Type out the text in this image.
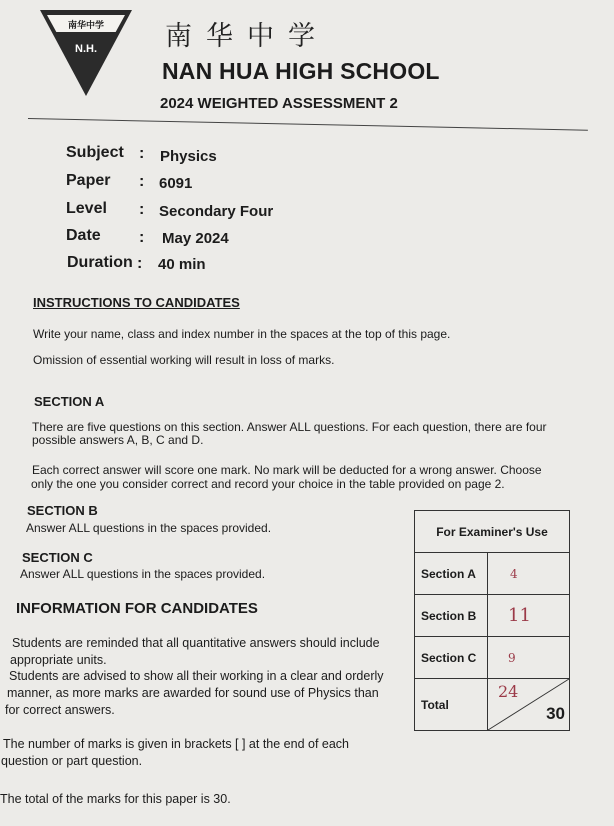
南华中学
N.H.	南华中学
NAN HUA HIGH SCHOOL
2024 WEIGHTED ASSESSMENT 2
Subject : Physics
Paper : 6091
Level : Secondary Four
Date : May 2024
Duration : 40 min
INSTRUCTIONS TO CANDIDATES
Write your name, class and index number in the spaces at the top of this page.
Omission of essential working will result in loss of marks.
SECTION A
There are five questions on this section. Answer ALL questions. For each question, there are four
possible answers A, B, C and D.
Each correct answer will score one mark. No mark will be deducted for a wrong answer. Choose
only the one you consider correct and record your choice in the table provided on page 2.
SECTION B
Answer ALL questions in the spaces provided.
SECTION C
Answer ALL questions in the spaces provided.
INFORMATION FOR CANDIDATES
Students are reminded that all quantitative answers should include
appropriate units.
Students are advised to show all their working in a clear and orderly
manner, as more marks are awarded for sound use of Physics than
for correct answers.
The number of marks is given in brackets [ ] at the end of each
question or part question.
The total of the marks for this paper is 30.
For Examiner's Use	
Section A	4
Section B	11
Section C	9
Total	24
30
